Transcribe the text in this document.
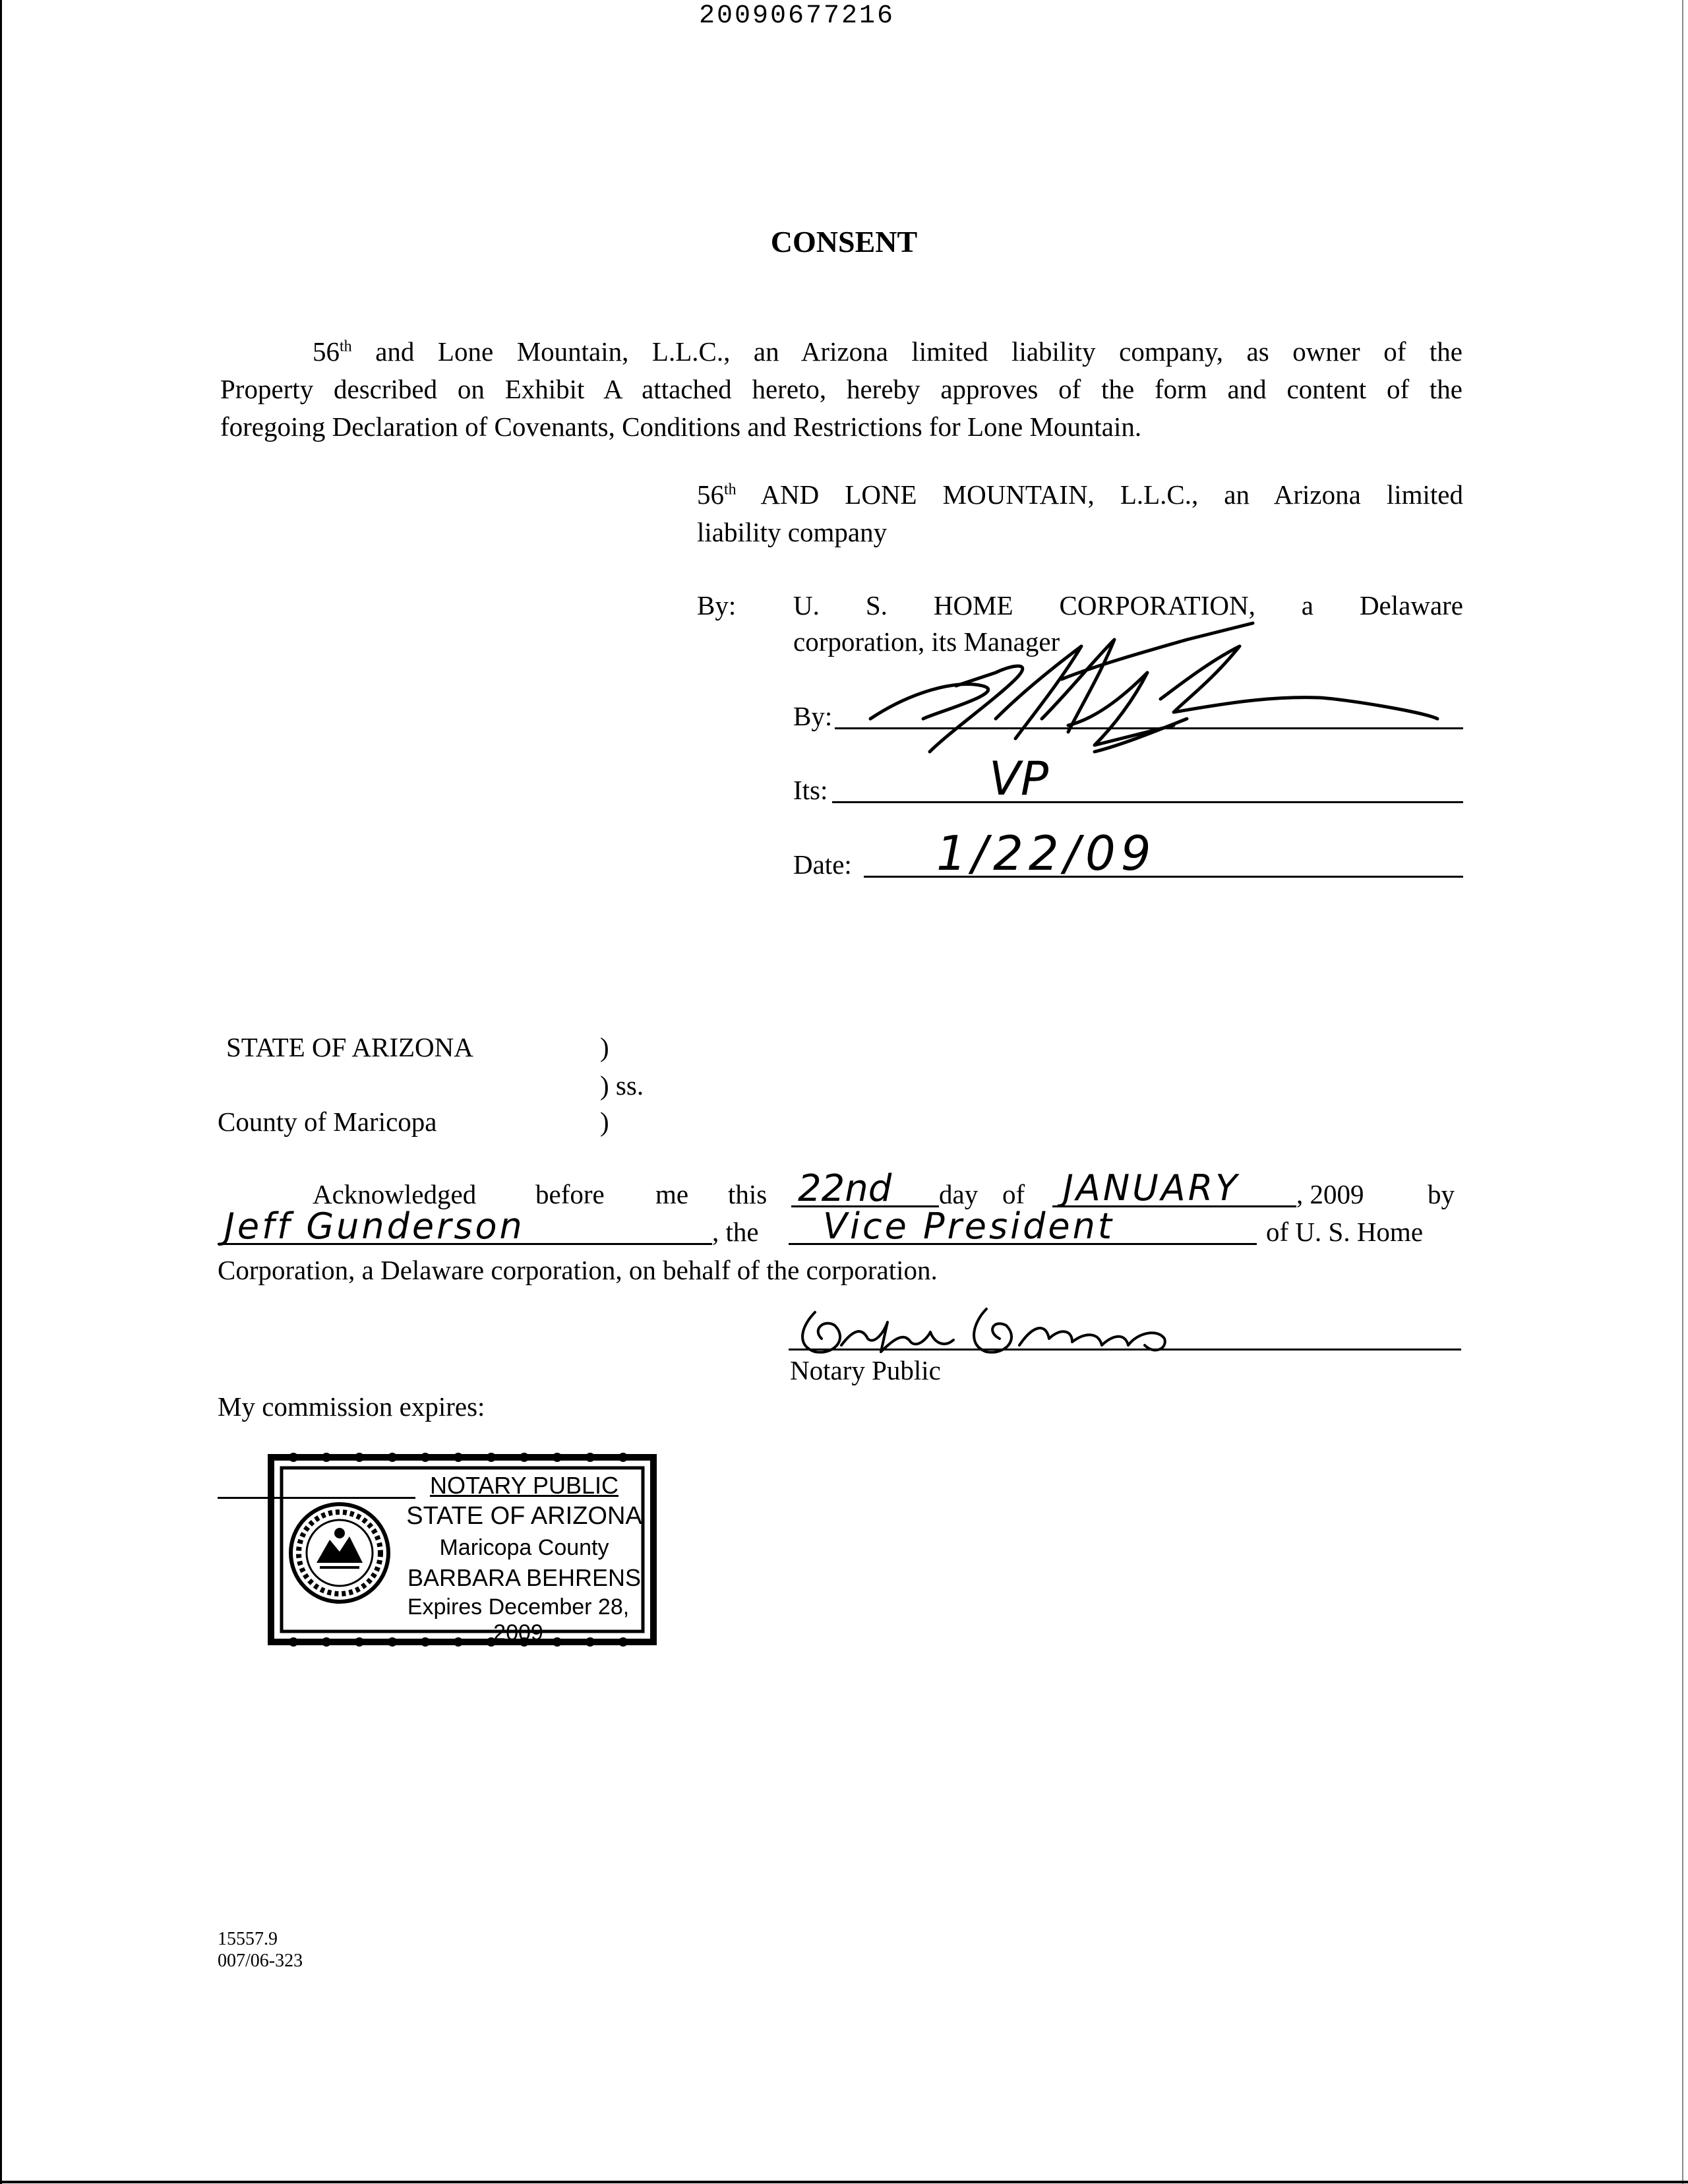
20090677216
CONSENT
56th and Lone Mountain, L.L.C., an Arizona limited liability company, as owner of the
Property described on Exhibit A attached hereto, hereby approves of the form and content of the
foregoing Declaration of Covenants, Conditions and Restrictions for Lone Mountain.
56th AND LONE MOUNTAIN, L.L.C., an Arizona limited
liability company
By: U. S. HOME CORPORATION, a Delaware
corporation, its Manager
By:
Its:	VP
Date: 1/22/09
STATE OF ARIZONA	)
) ss.
County of Maricopa	)
Acknowledged before me this 22nd day of JANUARY , 2009 by
Jeff Gunderson	, the Vice President	of U. S. Home
Corporation, a Delaware corporation, on behalf of the corporation.
Notary Public
My commission expires:
NOTARY PUBLIC
STATE OF ARIZONA
Maricopa County
BARBARA BEHRENS
Expires December 28, 2009
15557.9
007/06-323
